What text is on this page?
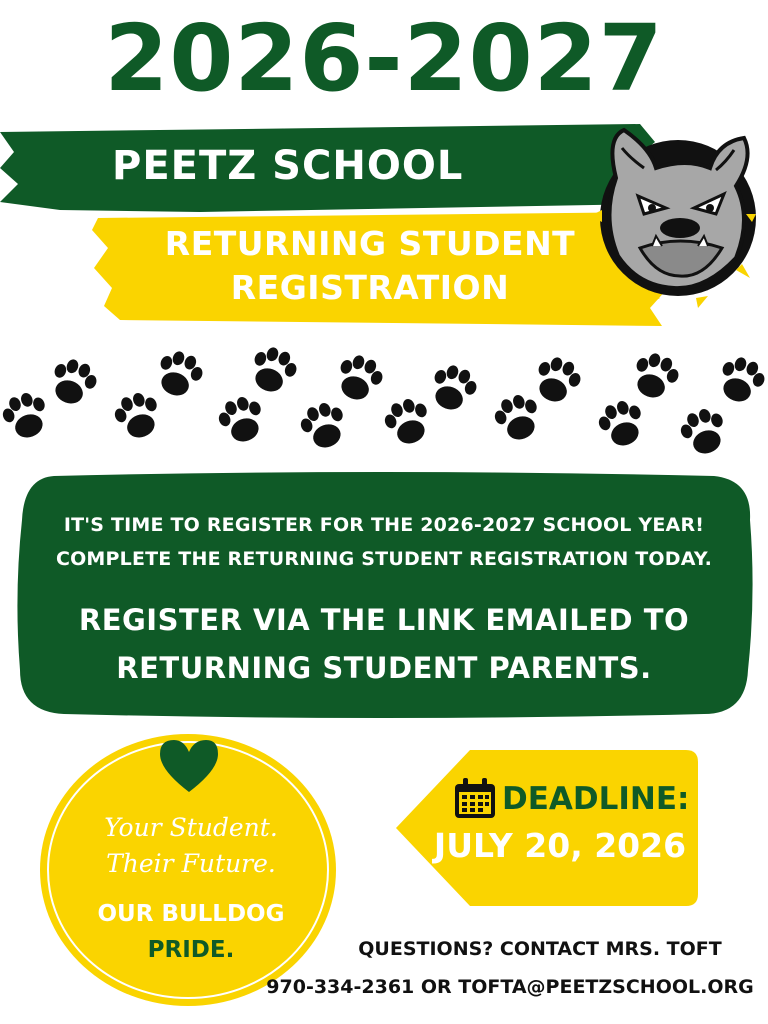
2026-2027
PEETZ SCHOOL
RETURNING STUDENT
REGISTRATION
IT'S TIME TO REGISTER FOR THE 2026-2027 SCHOOL YEAR!
COMPLETE THE RETURNING STUDENT REGISTRATION TODAY.
REGISTER VIA THE LINK EMAILED TO
RETURNING STUDENT PARENTS.
Your Student.
Their Future.
OUR BULLDOG
PRIDE.
DEADLINE:
JULY 20, 2026
QUESTIONS? CONTACT MRS. TOFT
970-334-2361 OR TOFTA@PEETZSCHOOL.ORG
